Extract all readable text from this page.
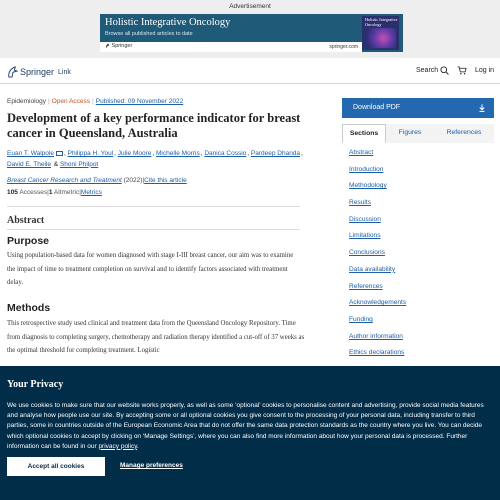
Advertisement
Holistic Integrative Oncology
Browse all published articles to date
Holistic Integrative Oncology
Springer	springer.com
Springer Link	Search	Log in
Epidemiology | Open Access | Published: 09 November 2022
Development of a key performance indicator for breast cancer in Queensland, Australia
Euan T. Walpole , Philippa H. Youl, Julie Moore, Michelle Morris, Danica Cossio, Pardeep Dhanda, David E. Theile & Shoni Philpot
Breast Cancer Research and Treatment (2022)|Cite this article
105 Accesses|1 Altmetric|Metrics
Abstract
Purpose

Using population-based data for women diagnosed with stage I-III breast cancer, our aim was to examine the impact of time to treatment completion on survival and to identify factors associated with treatment delay.

Methods

This retrospective study used clinical and treatment data from the Queensland Oncology Repository. Time from diagnosis to completing surgery, chemotherapy and radiation therapy identified a cut-off of 37 weeks as the optimal threshold for completing treatment. Logistic

Download PDF
Sections	Figures	References
Abstract
Introduction
Methodology
Results
Discussion
Limitations
Conclusions
Data availability
References
Acknowledgements
Funding
Author information
Ethics declarations
Your Privacy

We use cookies to make sure that our website works properly, as well as some ‘optional’ cookies to personalise content and advertising, provide social media features and analyse how people use our site. By accepting some or all optional cookies you give consent to the processing of your personal data, including transfer to third parties, some in countries outside of the European Economic Area that do not offer the same data protection standards as the country where you live. You can decide which optional cookies to accept by clicking on ‘Manage Settings’, where you can also find more information about how your personal data is processed. Further information can be found in our privacy policy.

Accept all cookies	Manage preferences
